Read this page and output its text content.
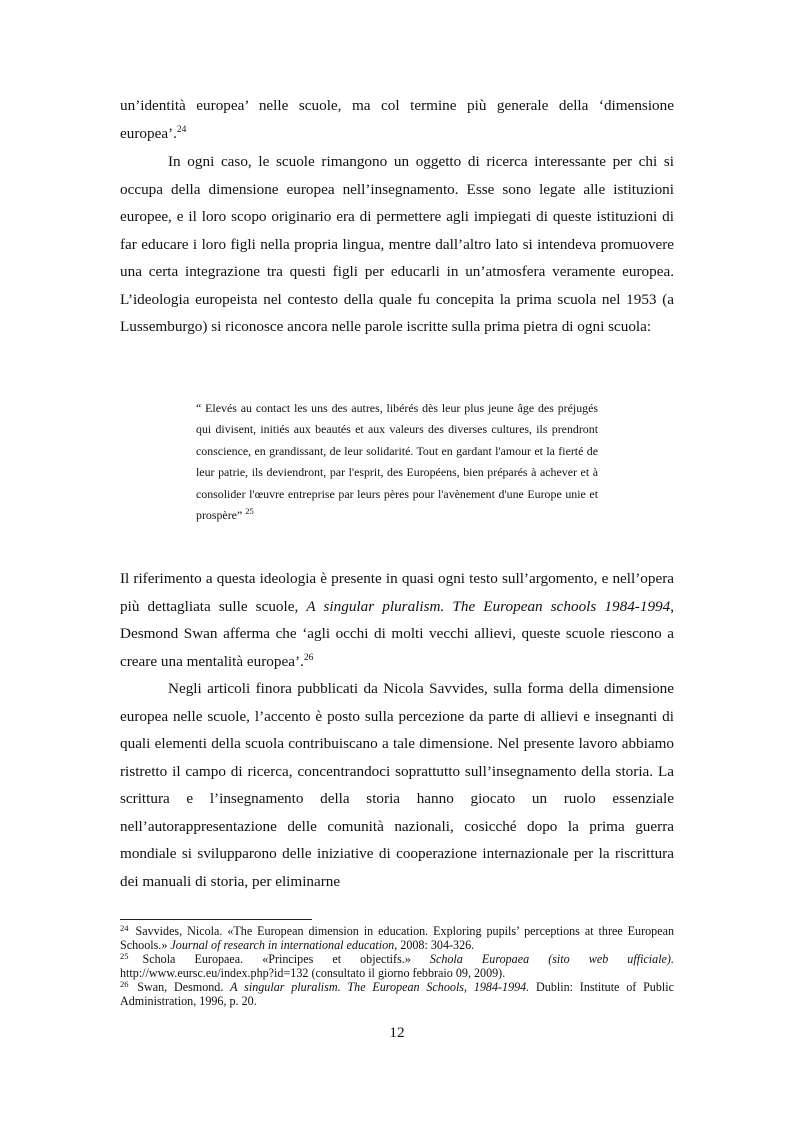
un’identità europea’ nelle scuole, ma col termine più generale della ‘dimensione europea’.$^{24}$

In ogni caso, le scuole rimangono un oggetto di ricerca interessante per chi si occupa della dimensione europea nell’insegnamento. Esse sono legate alle istituzioni europee, e il loro scopo originario era di permettere agli impiegati di queste istituzioni di far educare i loro figli nella propria lingua, mentre dall’altro lato si intendeva promuovere una certa integrazione tra questi figli per educarli in un’atmosfera veramente europea. L’ideologia europeista nel contesto della quale fu concepita la prima scuola nel 1953 (a Lussemburgo) si riconosce ancora nelle parole iscritte sulla prima pietra di ogni scuola:

“ Elevés au contact les uns des autres, libérés dès leur plus jeune âge des préjugés qui divisent, initiés aux beautés et aux valeurs des diverses cultures, ils prendront conscience, en grandissant, de leur solidarité. Tout en gardant l'amour et la fierté de leur patrie, ils deviendront, par l'esprit, des Européens, bien préparés à achever et à consolider l'œuvre entreprise par leurs pères pour l'avènement d'une Europe unie et prospère” $^{25}$

Il riferimento a questa ideologia è presente in quasi ogni testo sull’argomento, e nell’opera più dettagliata sulle scuole, A singular pluralism. The European schools 1984-1994, Desmond Swan afferma che ‘agli occhi di molti vecchi allievi, queste scuole riescono a creare una mentalità europea’.$^{26}$

Negli articoli finora pubblicati da Nicola Savvides, sulla forma della dimensione europea nelle scuole, l’accento è posto sulla percezione da parte di allievi e insegnanti di quali elementi della scuola contribuiscano a tale dimensione. Nel presente lavoro abbiamo ristretto il campo di ricerca, concentrandoci soprattutto sull’insegnamento della storia. La scrittura e l’insegnamento della storia hanno giocato un ruolo essenziale nell’autorappresentazione delle comunità nazionali, cosicché dopo la prima guerra mondiale si svilupparono delle iniziative di cooperazione internazionale per la riscrittura dei manuali di storia, per eliminarne

$^{24}$ Savvides, Nicola. «The European dimension in education. Exploring pupils’ perceptions at three European Schools.» Journal of research in international education, 2008: 304-326.

$^{25}$ Schola Europaea. «Principes et objectifs.» Schola Europaea (sito web ufficiale).
http://www.eursc.eu/index.php?id=132 (consultato il giorno febbraio 09, 2009).

$^{26}$ Swan, Desmond. A singular pluralism. The European Schools, 1984-1994. Dublin: Institute of Public Administration, 1996, p. 20.

12
